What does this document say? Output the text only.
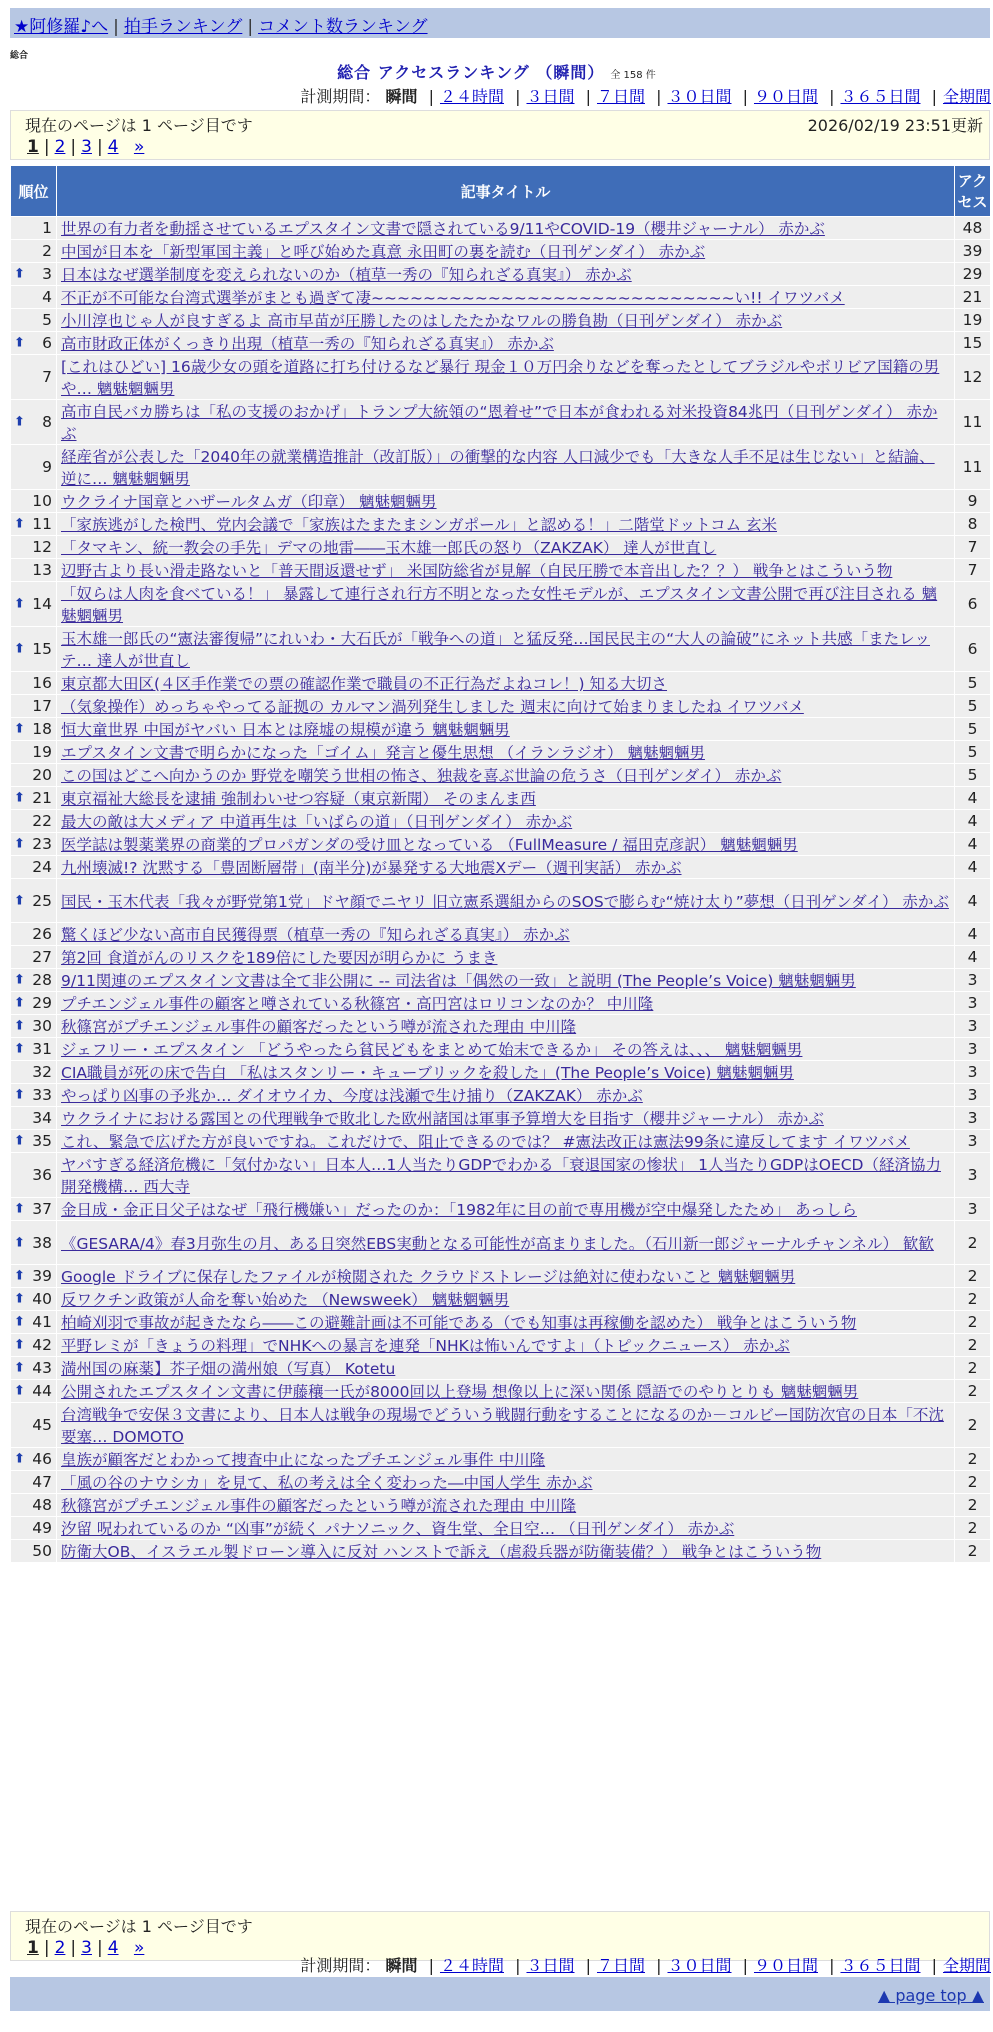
★阿修羅♪へ | 拍手ランキング | コメント数ランキング
総合
総合 アクセスランキング （瞬間） 全 158 件
計測期間： 瞬間 | ２４時間 | ３日間 | ７日間 | ３０日間 | ９０日間 | ３６５日間 | 全期間
現在のページは 1 ページ目です	2026/02/19 23:51更新
1 | 2 | 3 | 4 »
順位	記事タイトル	アクセス
1	世界の有力者を動揺させているエプスタイン文書で隠されている9/11やCOVID-19（櫻井ジャーナル） 赤かぶ	48
2	中国が日本を「新型軍国主義」と呼び始めた真意 永田町の裏を読む（日刊ゲンダイ） 赤かぶ	39

⬆ 3	日本はなぜ選挙制度を変えられないのか（植草一秀の『知られざる真実』） 赤かぶ	29
4	不正が不可能な台湾式選挙がまとも過ぎて凄~~~~~~~~~~~~~~~~~~~~~~~~~~~~い!! イワツバメ	21
5	小川淳也じゃ人が良すぎるよ 高市早苗が圧勝したのはしたたかなワルの勝負勘（日刊ゲンダイ） 赤かぶ	19

⬆ 6	高市財政正体がくっきり出現（植草一秀の『知られざる真実』） 赤かぶ	15
7	[これはひどい] 16歳少女の頭を道路に打ち付けるなど暴行 現金１０万円余りなどを奪ったとしてブラジルやボリビア国籍の男や… 魑魅魍魎男	12

⬆ 8	高市自民バカ勝ちは「私の支援のおかげ」トランプ大統領の“恩着せ”で日本が食われる対米投資84兆円（日刊ゲンダイ） 赤かぶ	11
9	経産省が公表した「2040年の就業構造推計（改訂版）」の衝撃的な内容 人口減少でも「大きな人手不足は生じない」と結論、逆に… 魑魅魍魎男	11
10	ウクライナ国章とハザールタムガ（印章） 魑魅魍魎男	9

⬆ 11	「家族逃がした検門、党内会議で「家族はたまたまシンガポール」と認める！」二階堂ドットコム 玄米	8
12	「タマキン、統一教会の手先」デマの地雷――玉木雄一郎氏の怒り（ZAKZAK） 達人が世直し	7
13	辺野古より長い滑走路ないと「普天間返還せず」 米国防総省が見解（自民圧勝で本音出した？？） 戦争とはこういう物	7

⬆ 14	「奴らは人肉を食べている！」 暴露して連行され行方不明となった女性モデルが、エプスタイン文書公開で再び注目される 魑魅魍魎男	6

⬆ 15	玉木雄一郎氏の“憲法審復帰”にれいわ・大石氏が「戦争への道」と猛反発…国民民主の“大人の論破”にネット共感「またレッテ… 達人が世直し	6
16	東京都大田区(４区手作業での票の確認作業で職員の不正行為だよねコレ！) 知る大切さ	5
17	（気象操作）めっちゃやってる証拠の カルマン渦列発生しました 週末に向けて始まりましたね イワツバメ	5

⬆ 18	恒大童世界 中国がヤバい 日本とは廃墟の規模が違う 魑魅魍魎男	5
19	エプスタイン文書で明らかになった「ゴイム」発言と優生思想 （イランラジオ） 魑魅魍魎男	5
20	この国はどこへ向かうのか 野党を嘲笑う世相の怖さ、独裁を喜ぶ世論の危うさ（日刊ゲンダイ） 赤かぶ	5

⬆ 21	東京福祉大総長を逮捕 強制わいせつ容疑（東京新聞） そのまんま西	4
22	最大の敵は大メディア 中道再生は「いばらの道」（日刊ゲンダイ） 赤かぶ	4

⬆ 23	医学誌は製薬業界の商業的プロパガンダの受け皿となっている （FullMeasure / 福田克彦訳） 魑魅魍魎男	4
24	九州壊滅!? 沈黙する「豊固断層帯」(南半分)が暴発する大地震Xデー（週刊実話） 赤かぶ	4

⬆ 25	国民・玉木代表「我々が野党第1党」ドヤ顔でニヤリ 旧立憲系選組からのSOSで膨らむ“焼け太り”夢想（日刊ゲンダイ） 赤かぶ	4
26	驚くほど少ない高市自民獲得票（植草一秀の『知られざる真実』） 赤かぶ	4
27	第2回 食道がんのリスクを189倍にした要因が明らかに うまき	4

⬆ 28	9/11関連のエプスタイン文書は全て非公開に -- 司法省は「偶然の一致」と説明 (The People’s Voice) 魑魅魍魎男	3

⬆ 29	プチエンジェル事件の顧客と噂されている秋篠宮・高円宮はロリコンなのか？ 中川隆	3

⬆ 30	秋篠宮がプチエンジェル事件の顧客だったという噂が流された理由 中川隆	3

⬆ 31	ジェフリー・エプスタイン 「どうやったら貧民どもをまとめて始末できるか」 その答えは、、、 魑魅魍魎男	3
32	CIA職員が死の床で告白 「私はスタンリー・キューブリックを殺した」(The People’s Voice) 魑魅魍魎男	3

⬆ 33	やっぱり凶事の予兆か… ダイオウイカ、今度は浅瀬で生け捕り（ZAKZAK） 赤かぶ	3
34	ウクライナにおける露国との代理戦争で敗北した欧州諸国は軍事予算増大を目指す（櫻井ジャーナル） 赤かぶ	3

⬆ 35	これ、緊急で広げた方が良いですね。これだけで、阻止できるのでは？ #憲法改正は憲法99条に違反してます イワツバメ	3
36	ヤバすぎる経済危機に「気付かない」日本人…1人当たりGDPでわかる「衰退国家の惨状」 1人当たりGDPはOECD（経済協力開発機構… 西大寺	3

⬆ 37	金日成・金正日父子はなぜ「飛行機嫌い」だったのか：「1982年に目の前で専用機が空中爆発したため」 あっしら	3

⬆ 38	《GESARA/4》春3月弥生の月、ある日突然EBS実動となる可能性が高まりました。（石川新一郎ジャーナルチャンネル） 歓歓	2

⬆ 39	Google ドライブに保存したファイルが検閲された クラウドストレージは絶対に使わないこと 魑魅魍魎男	2

⬆ 40	反ワクチン政策が人命を奪い始めた （Newsweek） 魑魅魍魎男	2

⬆ 41	柏崎刈羽で事故が起きたなら――この避難計画は不可能である（でも知事は再稼働を認めた） 戦争とはこういう物	2

⬆ 42	平野レミが「きょうの料理」でNHKへの暴言を連発「NHKは怖いんですよ」（トピックニュース） 赤かぶ	2

⬆ 43	満州国の麻薬】芥子畑の満州娘（写真） Kotetu	2

⬆ 44	公開されたエプスタイン文書に伊藤穰一氏が8000回以上登場 想像以上に深い関係 隠語でのやりとりも 魑魅魍魎男	2
45	台湾戦争で安保３文書により、日本人は戦争の現場でどういう戦闘行動をすることになるのか－コルビー国防次官の日本「不沈要塞… DOMOTO	2

⬆ 46	皇族が顧客だとわかって捜査中止になったプチエンジェル事件 中川隆	2
47	「風の谷のナウシカ」を見て、私の考えは全く変わった―中国人学生 赤かぶ	2
48	秋篠宮がプチエンジェル事件の顧客だったという噂が流された理由 中川隆	2
49	汐留 呪われているのか “凶事”が続く パナソニック、資生堂、全日空… （日刊ゲンダイ） 赤かぶ	2
50	防衛大OB、イスラエル製ドローン導入に反対 ハンストで訴え（虐殺兵器が防衛装備？） 戦争とはこういう物	2
現在のページは 1 ページ目です
1 | 2 | 3 | 4 »
計測期間： 瞬間 | ２４時間 | ３日間 | ７日間 | ３０日間 | ９０日間 | ３６５日間 | 全期間
▲ page top ▲
